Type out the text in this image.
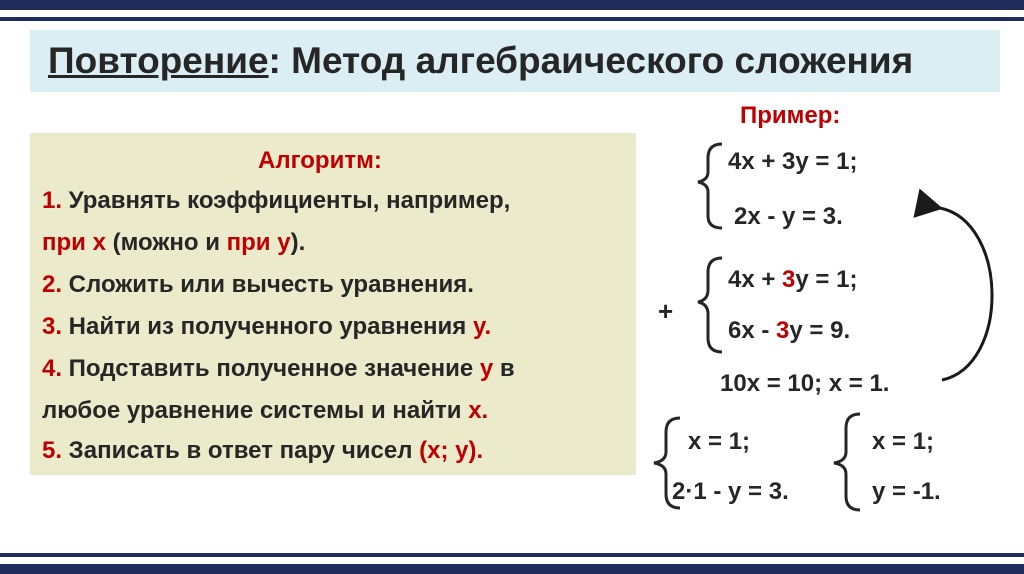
Повторение: Метод алгебраического сложения
Алгоритм:
1. Уравнять коэффициенты, например,
при x (можно и при y).
2. Сложить или вычесть уравнения.
3. Найти из полученного уравнения y.
4. Подставить полученное значение y в
любое уравнение системы и найти x.
5. Записать в ответ пару чисел (x; y).
Пример:
4x + 3y = 1;
2x - y = 3.
4x + 3y = 1;
6x - 3y = 9.
+
10x = 10; x = 1.
x = 1;
2·1 - y = 3.
x = 1;
y = -1.
